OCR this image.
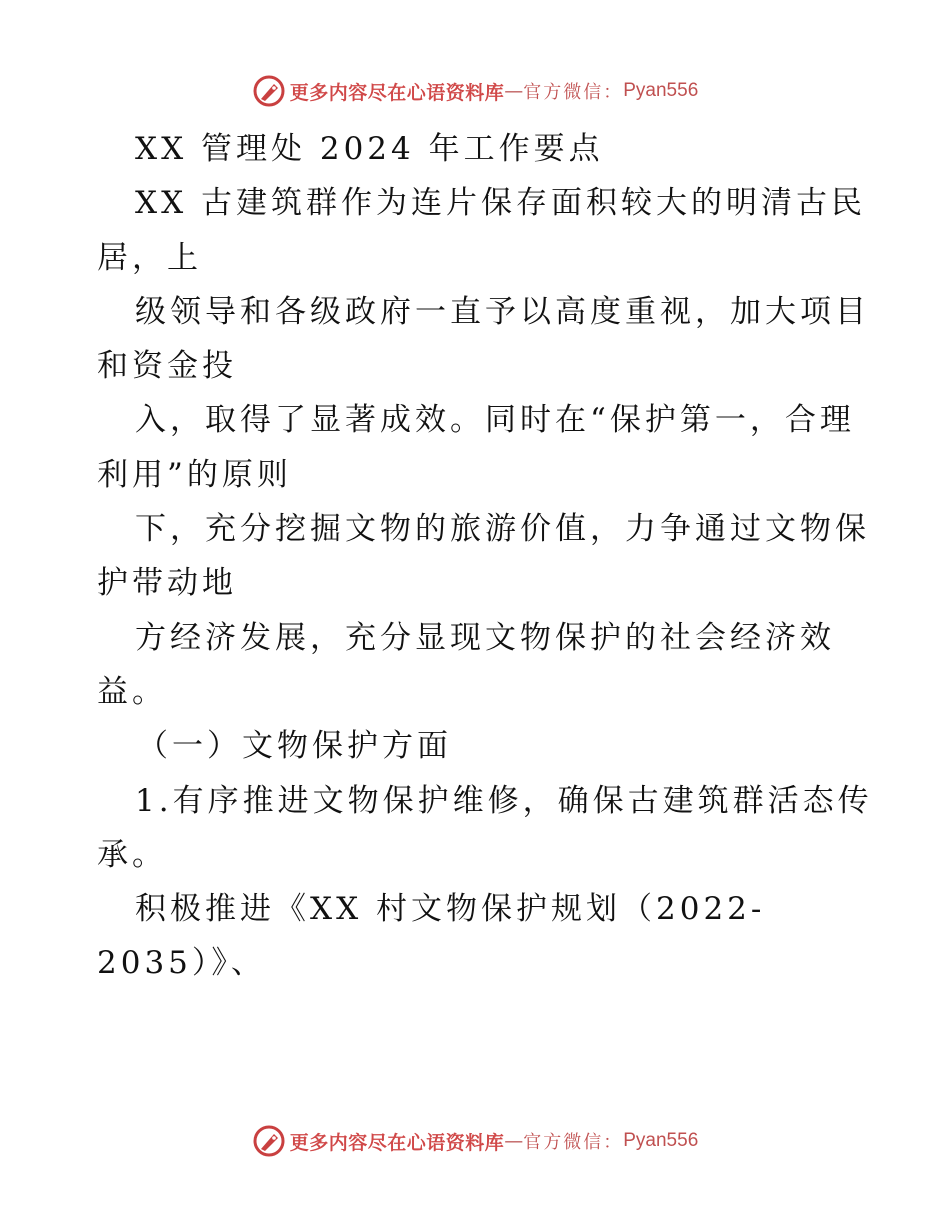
更多内容尽在心语资料库 — 官方微信： Pyan556
XX 管理处 2024 年工作要点
XX 古建筑群作为连片保存面积较大的明清古民
居，上
级领导和各级政府一直予以高度重视，加大项目
和资金投
入，取得了显著成效。同时在“保护第一，合理
利用”的原则
下，充分挖掘文物的旅游价值，力争通过文物保
护带动地
方经济发展，充分显现文物保护的社会经济效
益。
（一）文物保护方面
1.有序推进文物保护维修，确保古建筑群活态传
承。
积极推进《XX 村文物保护规划（2022-
2035）》、
更多内容尽在心语资料库 — 官方微信： Pyan556
